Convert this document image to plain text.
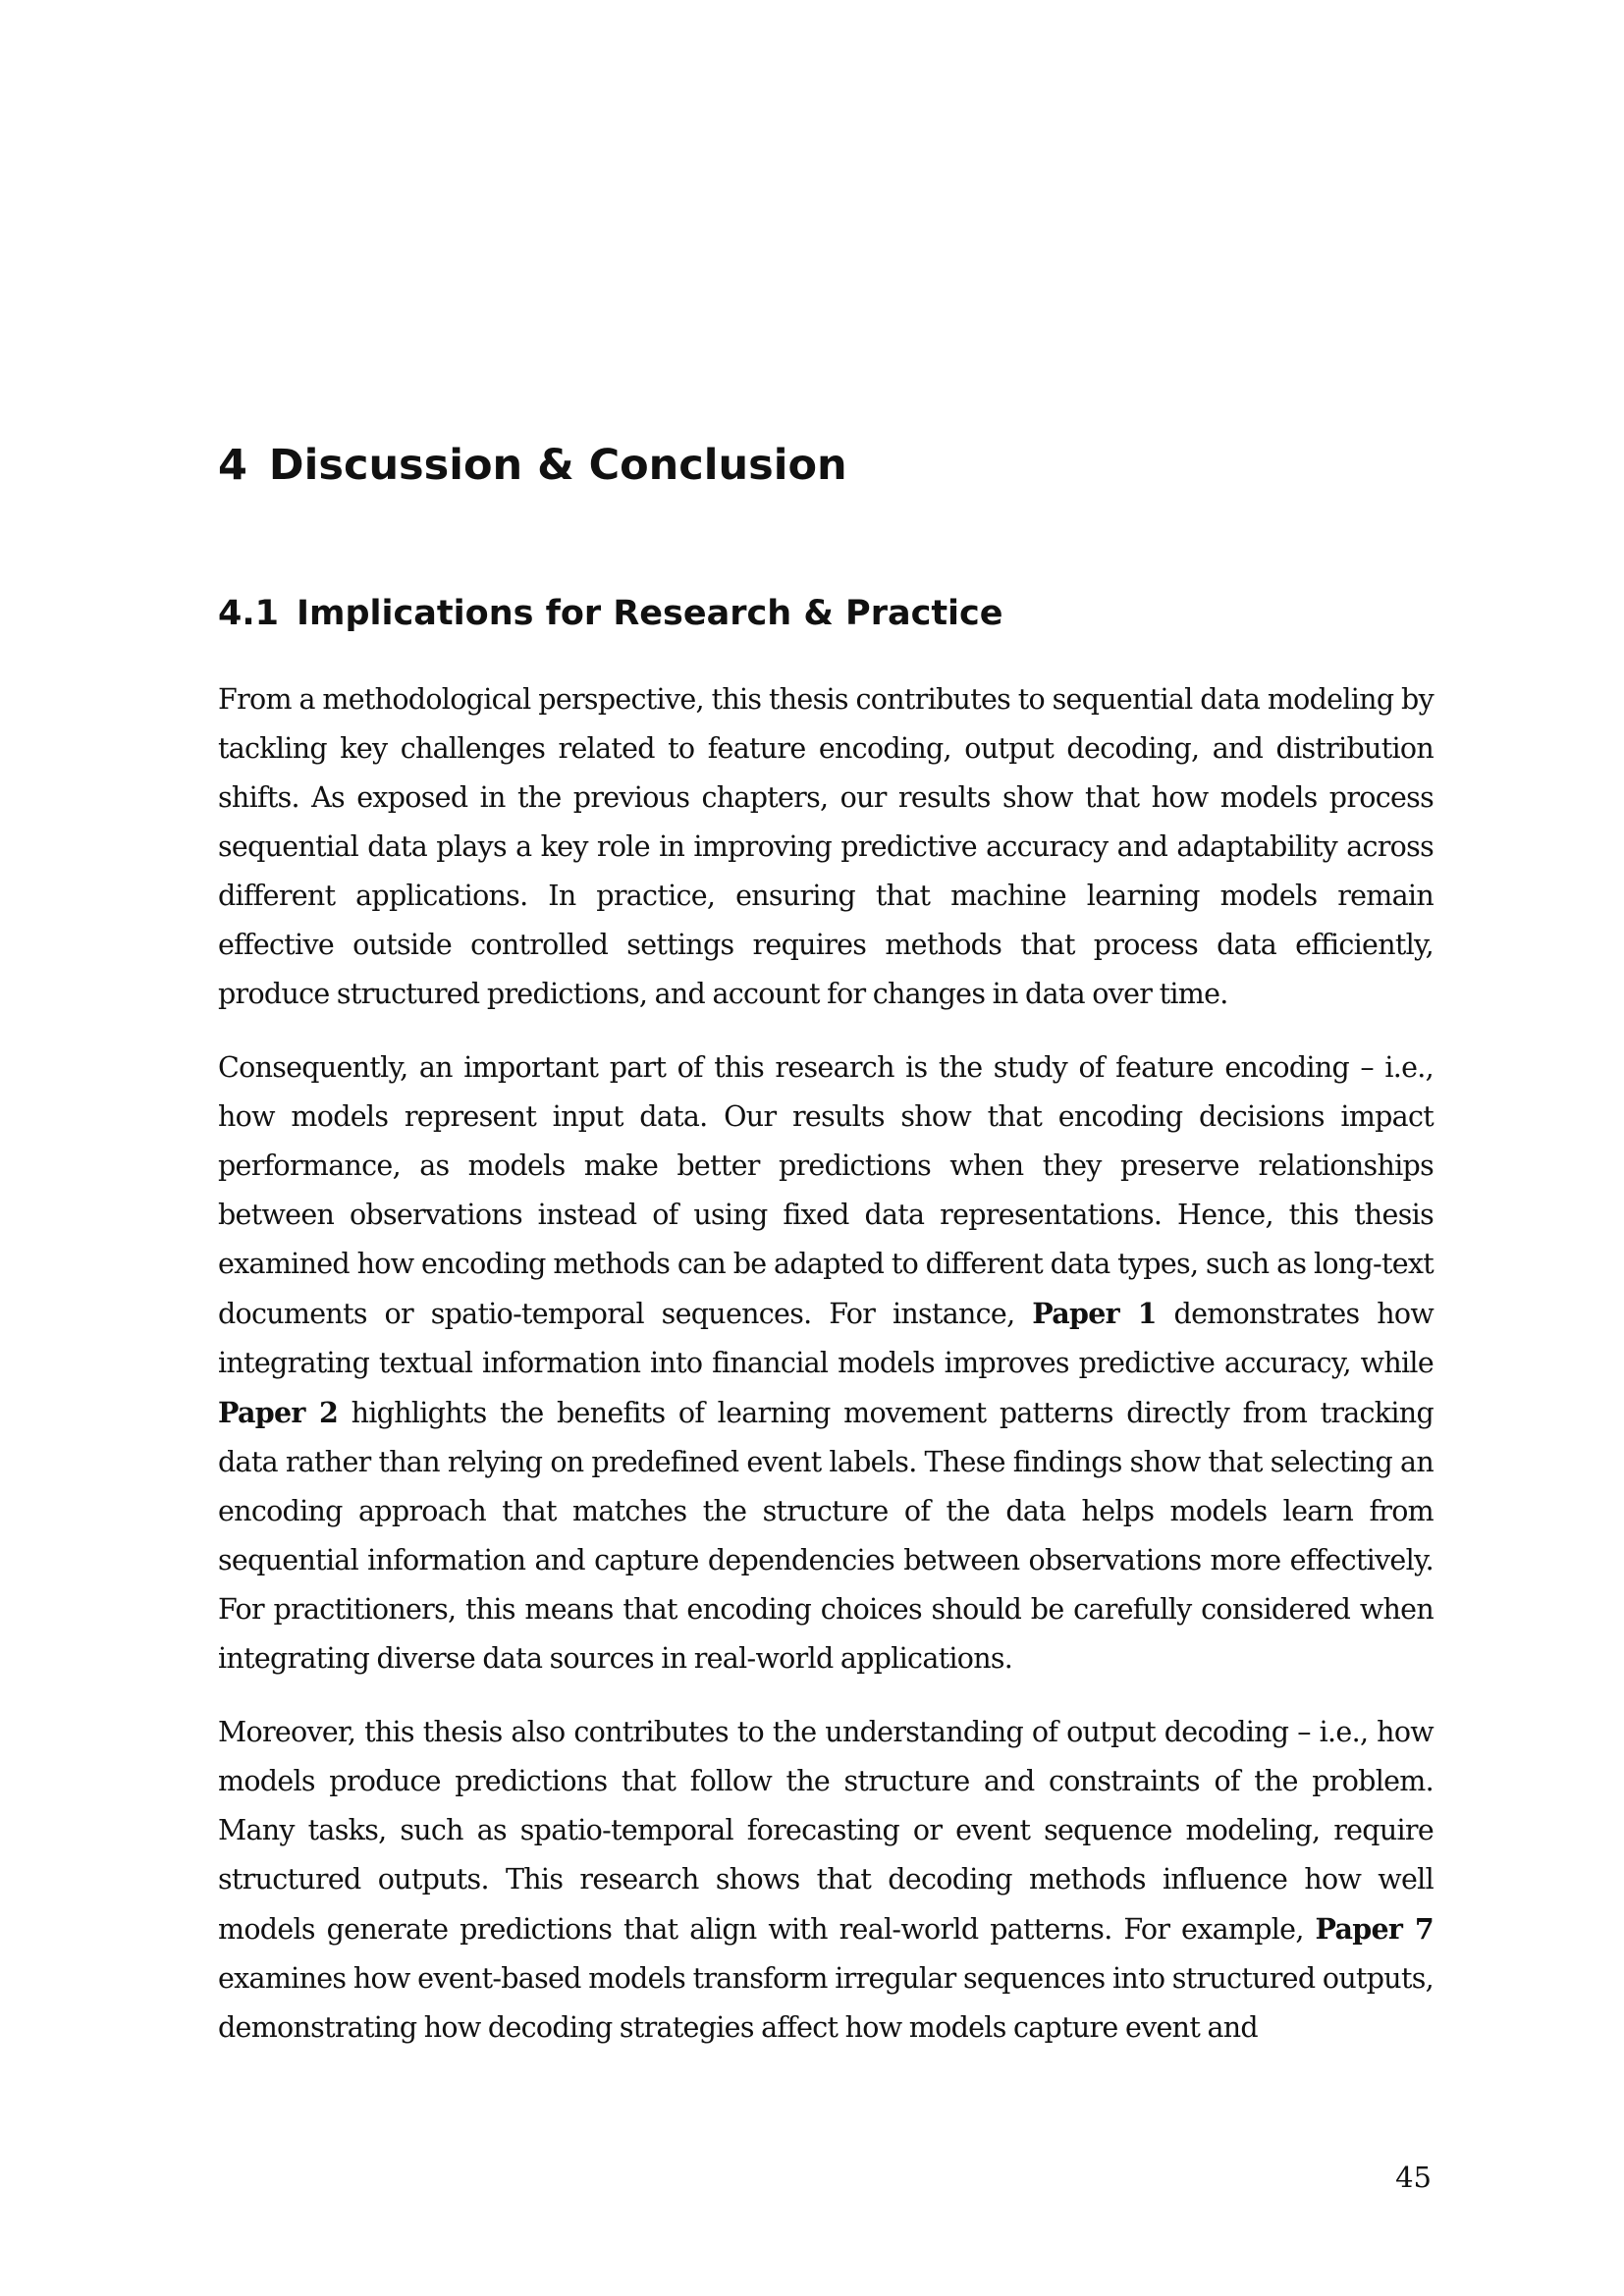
4 Discussion & Conclusion
4.1 Implications for Research & Practice

From a methodological perspective, this thesis contributes to sequential data modeling by tackling key challenges related to feature encoding, output decoding, and distribution shifts. As exposed in the previous chapters, our results show that how models process sequential data plays a key role in improving predictive accuracy and adaptability across different applications. In practice, ensuring that machine learning models remain effective outside controlled settings requires methods that process data efficiently, produce structured predictions, and account for changes in data over time.

Consequently, an important part of this research is the study of feature encoding – i.e., how models represent input data. Our results show that encoding decisions impact performance, as models make better predictions when they preserve relationships between observations instead of using fixed data representations. Hence, this thesis examined how encoding methods can be adapted to different data types, such as long-text documents or spatio-temporal sequences. For instance, Paper 1 demonstrates how integrating textual information into financial models improves predictive accuracy, while Paper 2 highlights the benefits of learning movement patterns directly from tracking data rather than relying on predefined event labels. These findings show that selecting an encoding approach that matches the structure of the data helps models learn from sequential information and capture dependencies between observations more effectively. For practitioners, this means that encoding choices should be carefully considered when integrating diverse data sources in real-world applications.

Moreover, this thesis also contributes to the understanding of output decoding – i.e., how models produce predictions that follow the structure and constraints of the problem. Many tasks, such as spatio-temporal forecasting or event sequence modeling, require structured outputs. This research shows that decoding methods influence how well models generate predictions that align with real-world patterns. For example, Paper 7 examines how event-based models transform irregular sequences into structured outputs, demonstrating how decoding strategies affect how models capture event and

45
